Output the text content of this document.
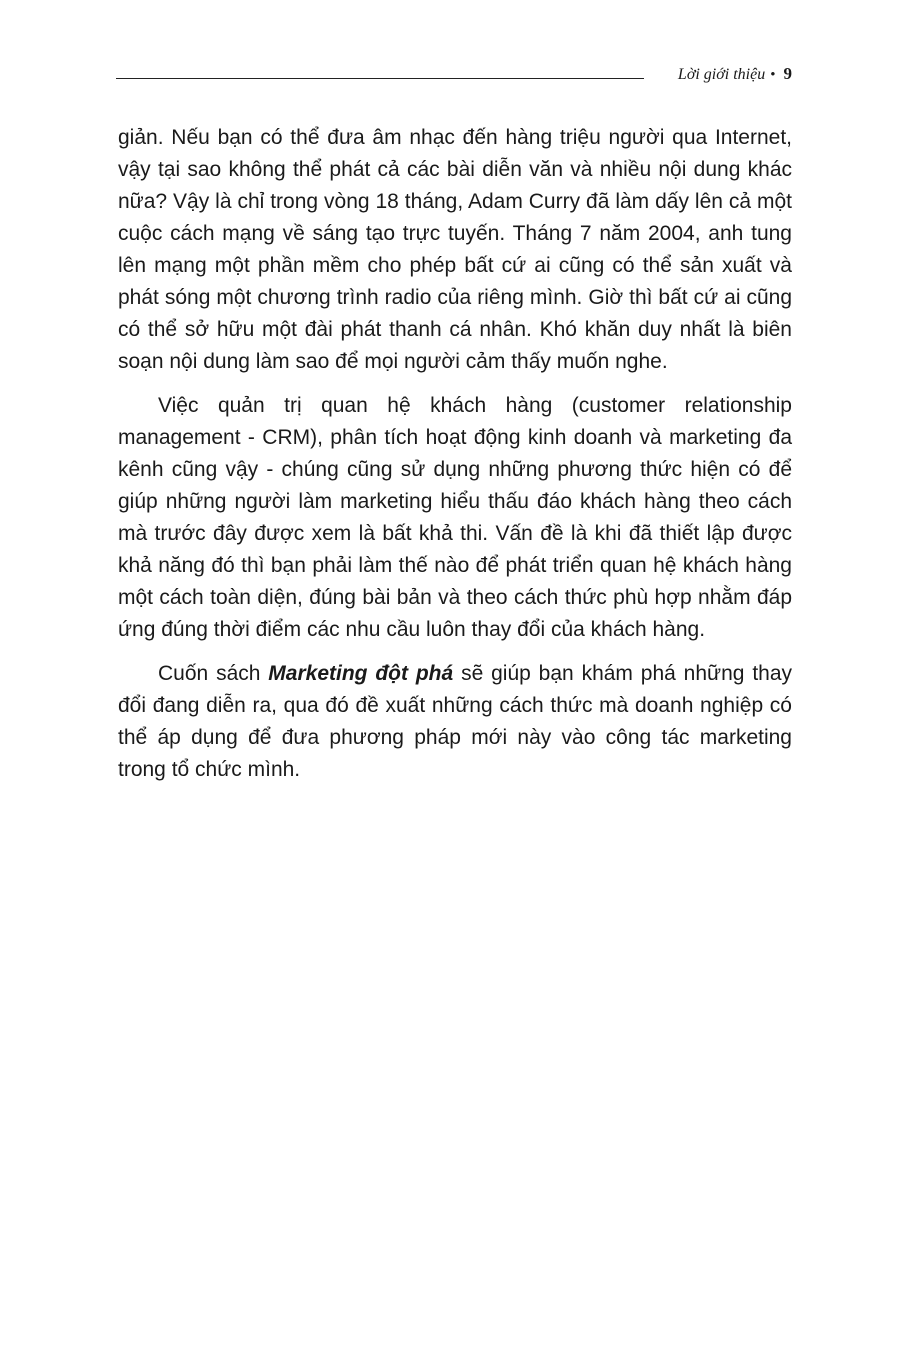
Lời giới thiệu • 9

giản. Nếu bạn có thể đưa âm nhạc đến hàng triệu người qua Internet, vậy tại sao không thể phát cả các bài diễn văn và nhiều nội dung khác nữa? Vậy là chỉ trong vòng 18 tháng, Adam Curry đã làm dấy lên cả một cuộc cách mạng về sáng tạo trực tuyến. Tháng 7 năm 2004, anh tung lên mạng một phần mềm cho phép bất cứ ai cũng có thể sản xuất và phát sóng một chương trình radio của riêng mình. Giờ thì bất cứ ai cũng có thể sở hữu một đài phát thanh cá nhân. Khó khăn duy nhất là biên soạn nội dung làm sao để mọi người cảm thấy muốn nghe.

Việc quản trị quan hệ khách hàng (customer relationship management - CRM), phân tích hoạt động kinh doanh và marketing đa kênh cũng vậy - chúng cũng sử dụng những phương thức hiện có để giúp những người làm marketing hiểu thấu đáo khách hàng theo cách mà trước đây được xem là bất khả thi. Vấn đề là khi đã thiết lập được khả năng đó thì bạn phải làm thế nào để phát triển quan hệ khách hàng một cách toàn diện, đúng bài bản và theo cách thức phù hợp nhằm đáp ứng đúng thời điểm các nhu cầu luôn thay đổi của khách hàng.

Cuốn sách Marketing đột phá sẽ giúp bạn khám phá những thay đổi đang diễn ra, qua đó đề xuất những cách thức mà doanh nghiệp có thể áp dụng để đưa phương pháp mới này vào công tác marketing trong tổ chức mình.
